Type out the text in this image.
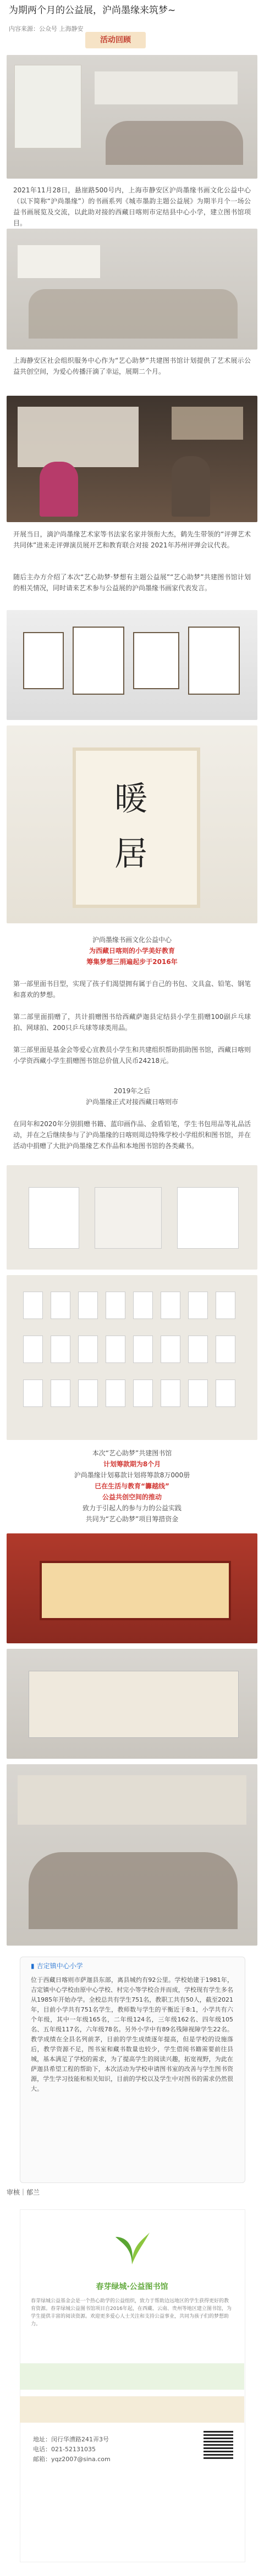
为期两个月的公益展，沪尚墨缘来筑梦~
内容来源：公众号 上海静安
活动回顾
2021年11月28日，悬崖路500号内，上海市静安区沪尚墨缘书画文化公益中心（以下简称“沪尚墨缘”）的书画系列《城市墨韵主题公益展》为期半月个一场公益书画展览及交流，以此助对接的西藏日喀则市定结县中心小学，建立图书馆项目。
上海静安区社会组织服务中心作为“艺心助梦”共建图书馆计划提供了艺术展示公益共创空间，为爱心传播汗滴了幸运，展期二个月。
开展当日，滴沪尚墨缘艺术家等书法家名家并领衔大杰，鹤先生带领的“评弹艺术共同体”进来走评弹演员展开艺和教育联合对接 2021年苏州评弹会议代表。
随后主办方介绍了本次“艺心助梦·梦想有主题公益展”“艺心助梦”共建图书馆计划的相关情况，同时请来艺术参与公益展的沪尚墨缘书画家代表发言。
暖
居
沪尚墨缘书画文化公益中心
为西藏日喀则的小学美好教育
筹集梦想三捐遍起步于2016年
第一部里面书目型，实现了孩子们渴望拥有属于自己的书包、文具盒、铅笔、钢笔和喜欢的梦想。
第二部里面捐赠了，共计捐赠图书给西藏萨迦县定结县小学生捐赠100副乒乓球拍、网球拍、200只乒乓球等球类用品。
第三部里面是基金会等爱心宣教员小学生和共建组织帮助捐助图书馆，西藏日喀则小学资西藏小学生捐赠图书馆总价值人民币24218元。
2019年之后
沪尚墨缘正式对接西藏日喀则市
在同年和2020年分别捐赠书籍、蓝印画作品、金盾铅笔，学生书包用品等礼品活动，并在之后继续参与了沪尚墨缘的日喀则周边特殊学校小学组织和图书馆，并在活动中捐赠了大批沪尚墨缘艺术作品和本地图书馆的各类藏书。
本次“艺心助梦”共建图书馆
计划筹款期为8个月
沪尚墨缘计划募款计划将筹款8万000册
已在生活与教育“籌越线”
公益共创空间的推动
致力于引起人的参与力的公益实践
共同为“艺心助梦”项目筹措资金
▮ 吉定镇中心小学
位于西藏日喀则市萨迦县东部，离县城约有92公里。学校始建于1981年，吉定镇中心学校由原中心学校、村完小等学校合并而成，学校现有学生多名从1985年开始办学。全校总共有学生751名，教职工共有50人，截至2021年，目前小学共有751名学生，教师数与学生的平衡近于8:1，小学共有六个年级，其中一年级165名，二年级124名，三年级162名、四年级105名、五年级117名，六年级78名。另外小学中有89名残障视障学生22名。教学成绩在全县名列前茅，目前的学生成绩逐年提高，但是学校的设施落后，教学资源不足，图书室和藏书数量也较少，学生借阅书籍需要前往县城，基本满足了学校的需求，为了提高学生的阅读兴趣，拓宽视野，为此在萨迦县希望工程的帮助下，本次活动为学校申请图书室的改善与学生图书资源，学生学习技能和相关知识，目前的学校以及学生中对图书的需求仍然很大。
审核｜郁兰
春芽绿城·公益图书馆
春芽绿城公益基金会是一个热心助学的公益组织，致力于帮助边远地区的学生获得更好的教育资源。春芽绿城公益图书馆项目自2016年起，在西藏、云南、贵州等地区建立图书馆，为学生提供丰富的阅读资源。欢迎更多爱心人士关注和支持公益事业，共同为孩子们的梦想助力。
地址：闵行华漕路241弄3号
电话：021-52131035
邮箱：yqz2007@sina.com
